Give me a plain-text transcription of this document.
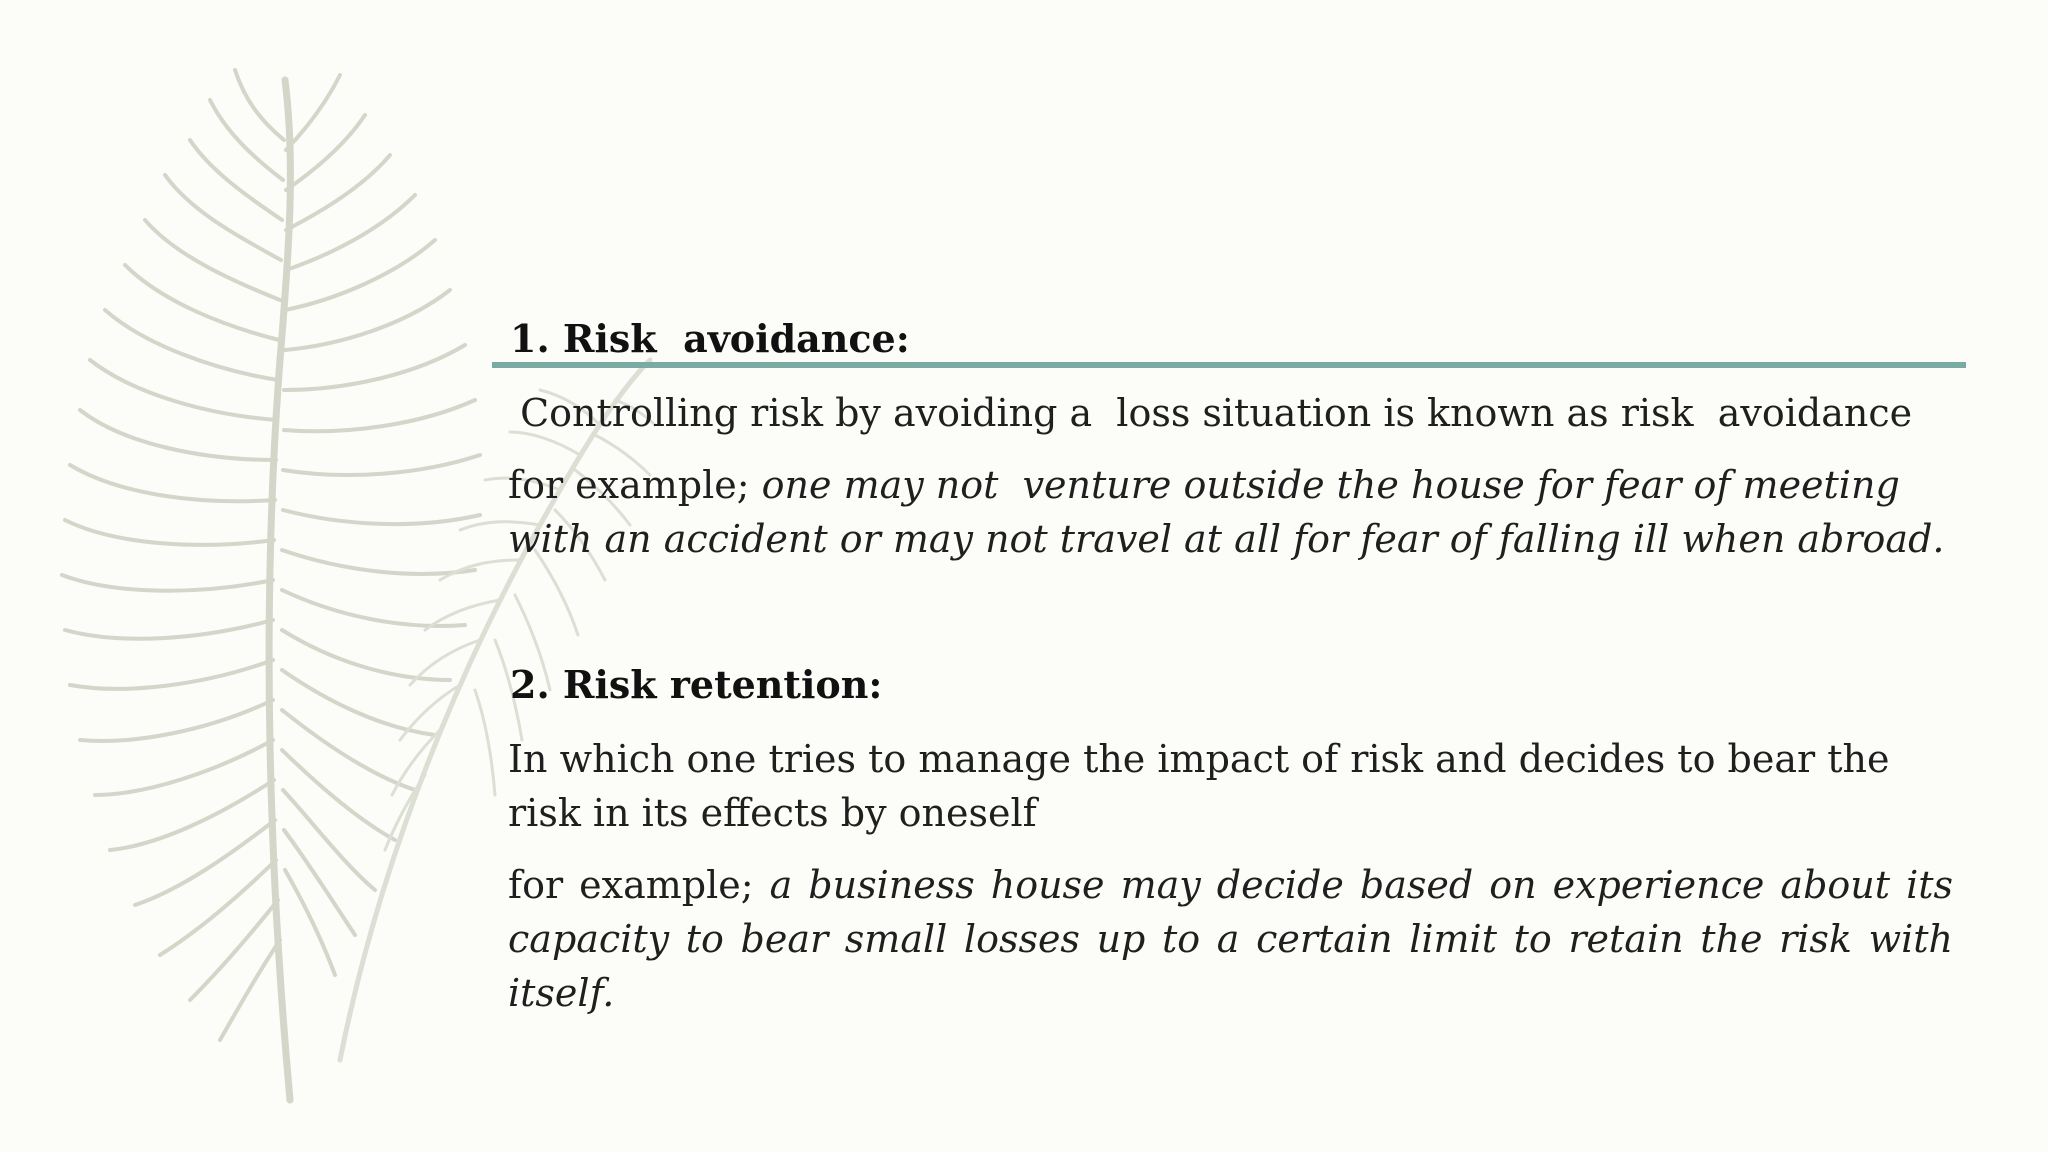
1. Risk  avoidance:

Controlling risk by avoiding a  loss situation is known as risk  avoidance

for example; one may not  venture outside the house for fear of meeting with an accident or may not travel at all for fear of falling ill when abroad.

2. Risk retention:

In which one tries to manage the impact of risk and decides to bear the risk in its effects by oneself

for example; a business house may decide based on experience about its capacity to bear small losses up to a certain limit to retain the risk with itself.
